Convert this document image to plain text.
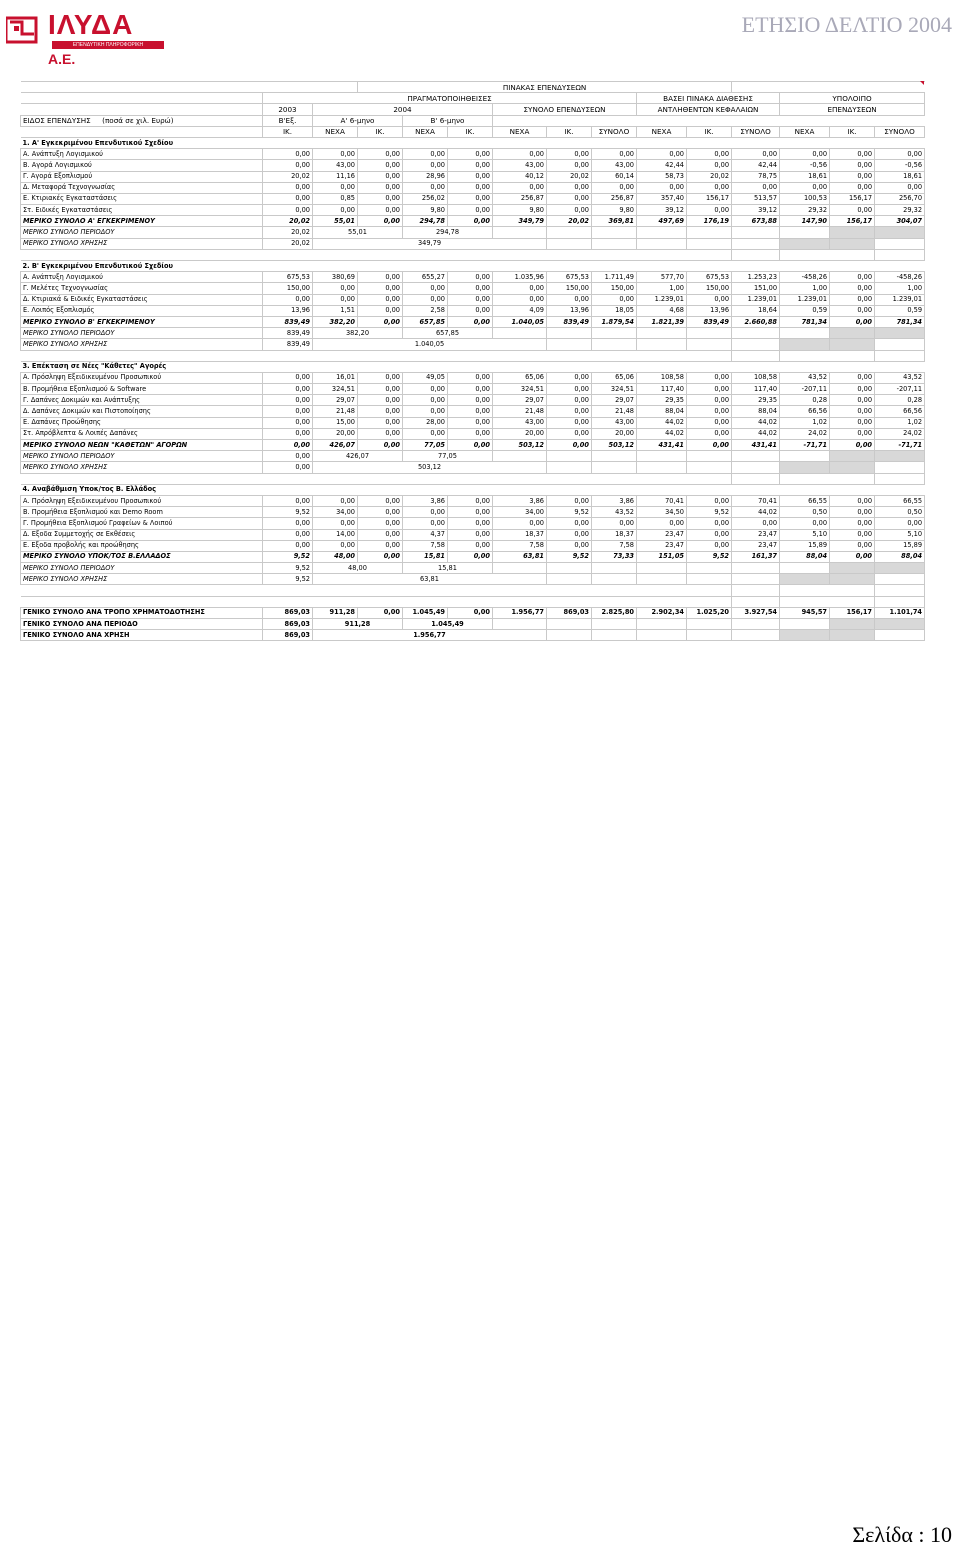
ΙΛΥΔΑ Α.Ε.
ΕΠΕΝΔΥΤΙΚΗ ΠΛΗΡΟΦΟΡΙΚΗ
ΕΤΗΣΙΟ ΔΕΛΤΙΟ 2004
			ΠΙΝΑΚΑΣ ΕΠΕΝΔΥΣΕΩΝ												
	ΠΡΑΓΜΑΤΟΠΟΙΗΘΕΙΣΕΣ								ΒΑΣΕΙ ΠΙΝΑΚΑ ΔΙΑΘΕΣΗΣ			ΥΠΟΛΟΙΠΟ			
	2003	2004				ΣΥΝΟΛΟ ΕΠΕΝΔΥΣΕΩΝ			ΑΝΤΛΗΘΕΝΤΩΝ ΚΕΦΑΛΑΙΩΝ			ΕΠΕΝΔΥΣΕΩΝ			
ΕΙΔΟΣ ΕΠΕΝΔΥΣΗΣ (ποσά σε χιλ. Ευρώ)	Β'Εξ.	Α' 6-μηνο		Β' 6-μηνο											
	ΙΚ.	ΝΕΧΑ	ΙΚ.	ΝΕΧΑ	ΙΚ.	ΝΕΧΑ	ΙΚ.	ΣΥΝΟΛΟ	ΝΕΧΑ	ΙΚ.	ΣΥΝΟΛΟ	ΝΕΧΑ	ΙΚ.	ΣΥΝΟΛΟ	
1. Α' Εγκεκριμένου Επενδυτικού Σχεδίου															
Α. Ανάπτυξη Λογισμικού	0,00	0,00	0,00	0,00	0,00	0,00	0,00	0,00	0,00	0,00	0,00	0,00	0,00	0,00	
Β. Αγορά Λογισμικού	0,00	43,00	0,00	0,00	0,00	43,00	0,00	43,00	42,44	0,00	42,44	-0,56	0,00	-0,56	
Γ. Αγορά Εξοπλισμού	20,02	11,16	0,00	28,96	0,00	40,12	20,02	60,14	58,73	20,02	78,75	18,61	0,00	18,61	
Δ. Μεταφορά Τεχνογνωσίας	0,00	0,00	0,00	0,00	0,00	0,00	0,00	0,00	0,00	0,00	0,00	0,00	0,00	0,00	
Ε. Κτιριακές Εγκαταστάσεις	0,00	0,85	0,00	256,02	0,00	256,87	0,00	256,87	357,40	156,17	513,57	100,53	156,17	256,70	
Στ. Ειδικές Εγκαταστάσεις	0,00	0,00	0,00	9,80	0,00	9,80	0,00	9,80	39,12	0,00	39,12	29,32	0,00	29,32	
ΜΕΡΙΚΟ ΣΥΝΟΛΟ Α' ΕΓΚΕΚΡΙΜΕΝΟΥ	20,02	55,01	0,00	294,78	0,00	349,79	20,02	369,81	497,69	176,19	673,88	147,90	156,17	304,07	
ΜΕΡΙΚΟ ΣΥΝΟΛΟ ΠΕΡΙΟΔΟΥ	20,02	55,01		294,78											
ΜΕΡΙΚΟ ΣΥΝΟΛΟ ΧΡΗΣΗΣ	20,02	349,79													

2. Β' Εγκεκριμένου Επενδυτικού Σχεδίου															
Α. Ανάπτυξη Λογισμικού	675,53	380,69	0,00	655,27	0,00	1.035,96	675,53	1.711,49	577,70	675,53	1.253,23	-458,26	0,00	-458,26	
Γ. Μελέτες Τεχνογνωσίας	150,00	0,00	0,00	0,00	0,00	0,00	150,00	150,00	1,00	150,00	151,00	1,00	0,00	1,00	
Δ. Κτιριακά & Ειδικές Εγκαταστάσεις	0,00	0,00	0,00	0,00	0,00	0,00	0,00	0,00	1.239,01	0,00	1.239,01	1.239,01	0,00	1.239,01	
Ε. Λοιπός Εξοπλισμός	13,96	1,51	0,00	2,58	0,00	4,09	13,96	18,05	4,68	13,96	18,64	0,59	0,00	0,59	
ΜΕΡΙΚΟ ΣΥΝΟΛΟ Β' ΕΓΚΕΚΡΙΜΕΝΟΥ	839,49	382,20	0,00	657,85	0,00	1.040,05	839,49	1.879,54	1.821,39	839,49	2.660,88	781,34	0,00	781,34	
ΜΕΡΙΚΟ ΣΥΝΟΛΟ ΠΕΡΙΟΔΟΥ	839,49	382,20		657,85											
ΜΕΡΙΚΟ ΣΥΝΟΛΟ ΧΡΗΣΗΣ	839,49	1.040,05													

3. Επέκταση σε Νέες "Κάθετες" Αγορές															
Α. Πρόσληψη Εξειδικευμένου Προσωπικού	0,00	16,01	0,00	49,05	0,00	65,06	0,00	65,06	108,58	0,00	108,58	43,52	0,00	43,52	
Β. Προμήθεια Εξοπλισμού & Software	0,00	324,51	0,00	0,00	0,00	324,51	0,00	324,51	117,40	0,00	117,40	-207,11	0,00	-207,11	
Γ. Δαπάνες Δοκιμών και Ανάπτυξης	0,00	29,07	0,00	0,00	0,00	29,07	0,00	29,07	29,35	0,00	29,35	0,28	0,00	0,28	
Δ. Δαπάνες Δοκιμών και Πιστοποίησης	0,00	21,48	0,00	0,00	0,00	21,48	0,00	21,48	88,04	0,00	88,04	66,56	0,00	66,56	
Ε. Δαπάνες Προώθησης	0,00	15,00	0,00	28,00	0,00	43,00	0,00	43,00	44,02	0,00	44,02	1,02	0,00	1,02	
Στ. Απρόβλεπτα & Λοιπές Δαπάνες	0,00	20,00	0,00	0,00	0,00	20,00	0,00	20,00	44,02	0,00	44,02	24,02	0,00	24,02	
ΜΕΡΙΚΟ ΣΥΝΟΛΟ ΝΕΩΝ "ΚΑΘΕΤΩΝ" ΑΓΟΡΩΝ	0,00	426,07	0,00	77,05	0,00	503,12	0,00	503,12	431,41	0,00	431,41	-71,71	0,00	-71,71	
ΜΕΡΙΚΟ ΣΥΝΟΛΟ ΠΕΡΙΟΔΟΥ	0,00	426,07		77,05											
ΜΕΡΙΚΟ ΣΥΝΟΛΟ ΧΡΗΣΗΣ	0,00	503,12													

4. Αναβάθμιση Υποκ/τος Β. Ελλάδος															
Α. Πρόσληψη Εξειδικευμένου Προσωπικού	0,00	0,00	0,00	3,86	0,00	3,86	0,00	3,86	70,41	0,00	70,41	66,55	0,00	66,55	
Β. Προμήθεια Εξοπλισμού και Demo Room	9,52	34,00	0,00	0,00	0,00	34,00	9,52	43,52	34,50	9,52	44,02	0,50	0,00	0,50	
Γ. Προμήθεια Εξοπλισμού Γραφείων & Λοιπού	0,00	0,00	0,00	0,00	0,00	0,00	0,00	0,00	0,00	0,00	0,00	0,00	0,00	0,00	
Δ. Εξοδα Συμμετοχής σε Εκθέσεις	0,00	14,00	0,00	4,37	0,00	18,37	0,00	18,37	23,47	0,00	23,47	5,10	0,00	5,10	
Ε. Εξοδα προβολής και προώθησης	0,00	0,00	0,00	7,58	0,00	7,58	0,00	7,58	23,47	0,00	23,47	15,89	0,00	15,89	
ΜΕΡΙΚΟ ΣΥΝΟΛΟ ΥΠΟΚ/ΤΟΣ Β.ΕΛΛΑΔΟΣ	9,52	48,00	0,00	15,81	0,00	63,81	9,52	73,33	151,05	9,52	161,37	88,04	0,00	88,04	
ΜΕΡΙΚΟ ΣΥΝΟΛΟ ΠΕΡΙΟΔΟΥ	9,52	48,00		15,81											
ΜΕΡΙΚΟ ΣΥΝΟΛΟ ΧΡΗΣΗΣ	9,52	63,81													

ΓΕΝΙΚΟ ΣΥΝΟΛΟ ΑΝΑ ΤΡΟΠΟ ΧΡΗΜΑΤΟΔΟΤΗΣΗΣ	869,03	911,28	0,00	1.045,49	0,00	1.956,77	869,03	2.825,80	2.902,34	1.025,20	3.927,54	945,57	156,17	1.101,74	
ΓΕΝΙΚΟ ΣΥΝΟΛΟ ΑΝΑ ΠΕΡΙΟΔΟ	869,03	911,28		1.045,49											
ΓΕΝΙΚΟ ΣΥΝΟΛΟ ΑΝΑ ΧΡΗΣΗ	869,03	1.956,77													
Σελίδα : 10
